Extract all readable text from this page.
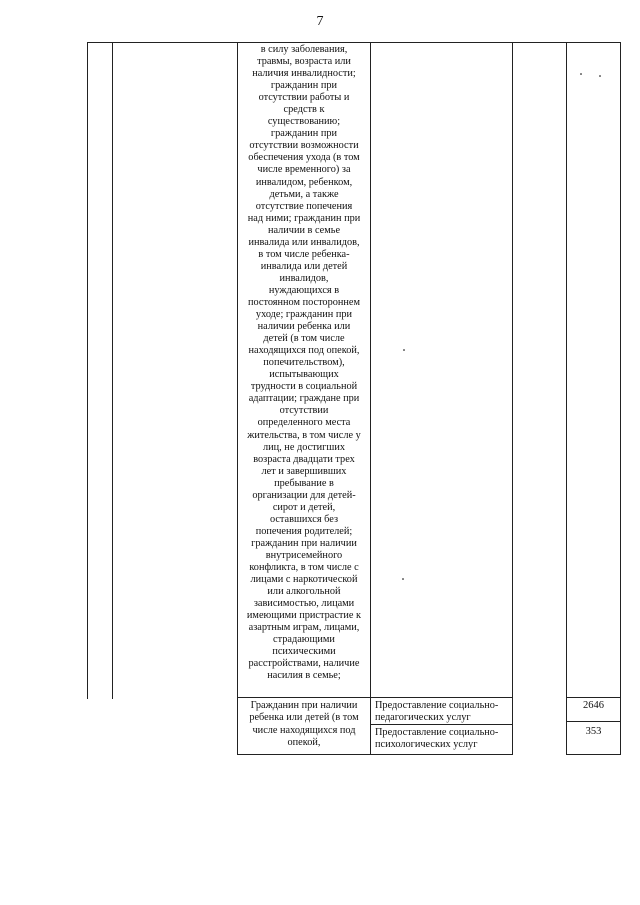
7
в силу заболевания,
травмы, возраста или
наличия инвалидности;
гражданин при
отсутствии работы и
средств к
существованию;
гражданин при
отсутствии возможности
обеспечения ухода (в том
числе временного) за
инвалидом, ребенком,
детьми, а также
отсутствие попечения
над ними; гражданин при
наличии в семье
инвалида или инвалидов,
в том числе ребенка-
инвалида или детей
инвалидов,
нуждающихся в
постоянном постороннем
уходе; гражданин при
наличии ребенка или
детей (в том числе
находящихся под опекой,
попечительством),
испытывающих
трудности в социальной
адаптации; граждане при
отсутствии
определенного места
жительства, в том числе у
лиц, не достигших
возраста двадцати трех
лет и завершивших
пребывание в
организации для детей-
сирот и детей,
оставшихся без
попечения родителей;
гражданин при наличии
внутрисемейного
конфликта, в том числе с
лицами с наркотической
или алкогольной
зависимостью, лицами
имеющими пристрастие к
азартным играм, лицами,
страдающими
психическими
расстройствами, наличие
насилия в семье;
Гражданин при наличии
ребенка или детей (в том
числе находящихся под
опекой,
Предоставление социально-
педагогических услуг
Предоставление социально-
психологических услуг
2646
353
